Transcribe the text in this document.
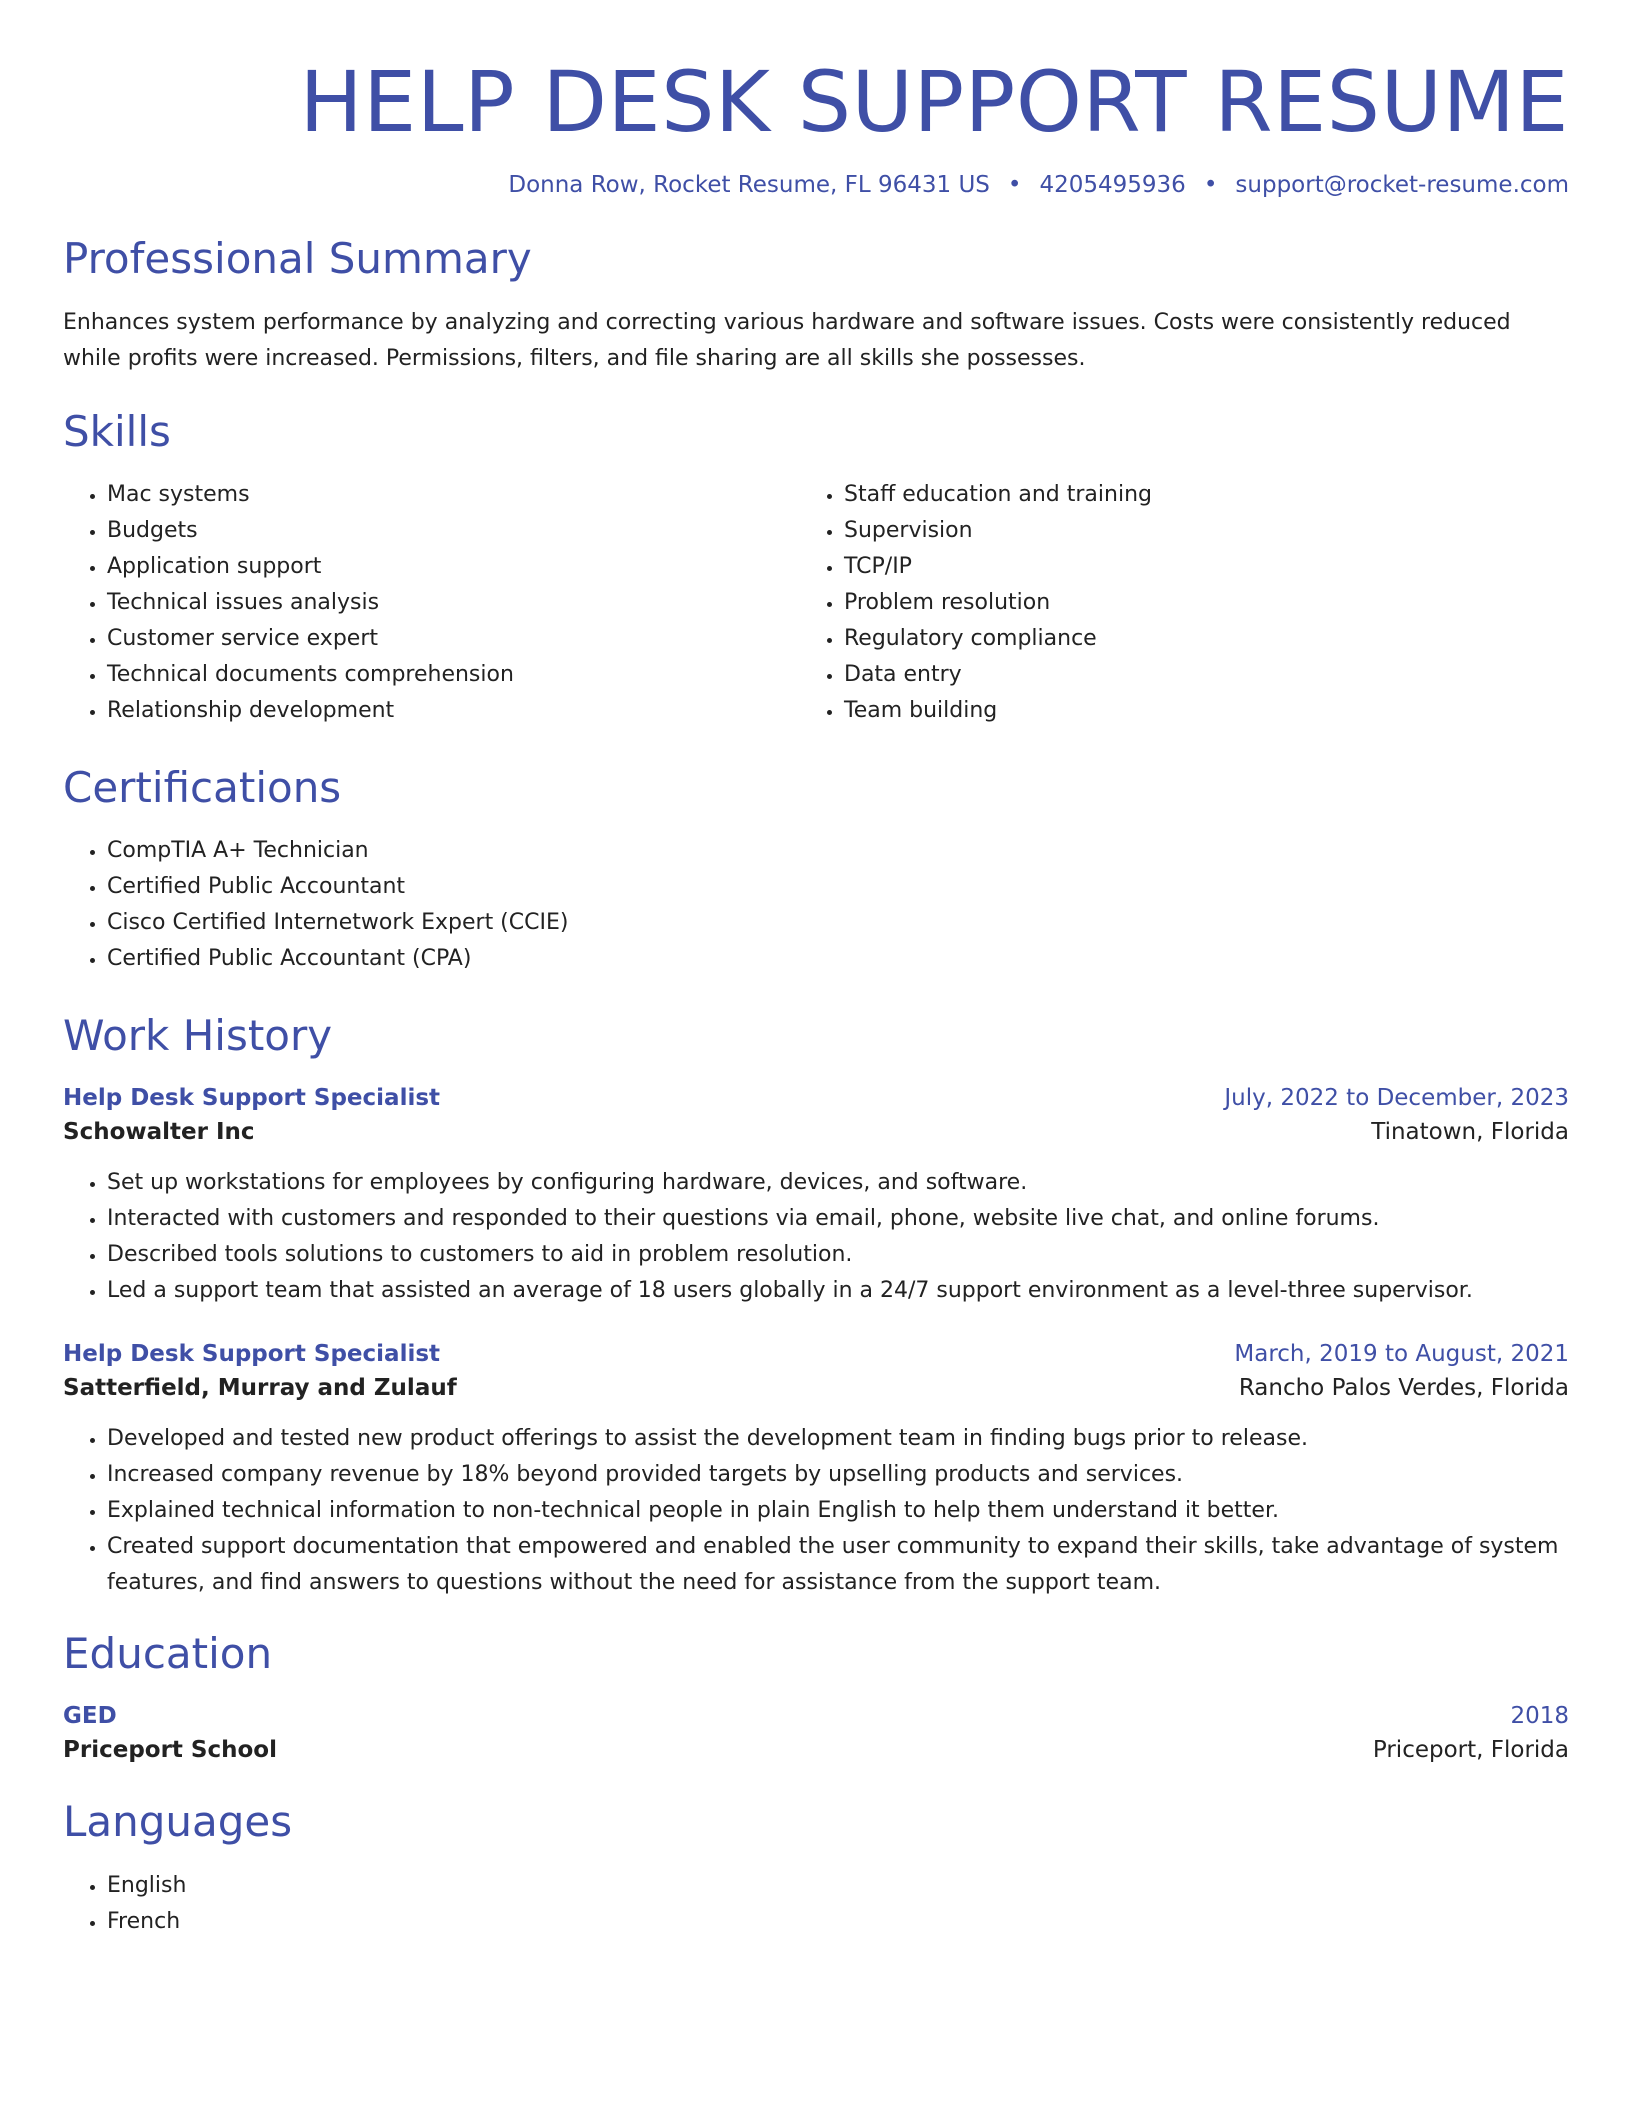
HELP DESK SUPPORT RESUME
Donna Row, Rocket Resume, FL 96431 US • 4205495936 • support@rocket-resume.com
Professional Summary

Enhances system performance by analyzing and correcting various hardware and software issues. Costs were consistently reduced while profits were increased. Permissions, filters, and file sharing are all skills she possesses.

Skills
• Mac systems
• Budgets
• Application support
• Technical issues analysis
• Customer service expert
• Technical documents comprehension
• Relationship development
• Staff education and training
• Supervision
• TCP/IP
• Problem resolution
• Regulatory compliance
• Data entry
• Team building
Certifications
• CompTIA A+ Technician
• Certified Public Accountant
• Cisco Certified Internetwork Expert (CCIE)
• Certified Public Accountant (CPA)
Work History
Help Desk Support Specialist	July, 2022 to December, 2023
Schowalter Inc	Tinatown, Florida
• Set up workstations for employees by configuring hardware, devices, and software.
• Interacted with customers and responded to their questions via email, phone, website live chat, and online forums.
• Described tools solutions to customers to aid in problem resolution.
• Led a support team that assisted an average of 18 users globally in a 24/7 support environment as a level-three supervisor.
Help Desk Support Specialist	March, 2019 to August, 2021
Satterfield, Murray and Zulauf	Rancho Palos Verdes, Florida
• Developed and tested new product offerings to assist the development team in finding bugs prior to release.
• Increased company revenue by 18% beyond provided targets by upselling products and services.
• Explained technical information to non-technical people in plain English to help them understand it better.
• Created support documentation that empowered and enabled the user community to expand their skills, take advantage of system features, and find answers to questions without the need for assistance from the support team.
Education
GED	2018
Priceport School	Priceport, Florida
Languages
• English
• French
